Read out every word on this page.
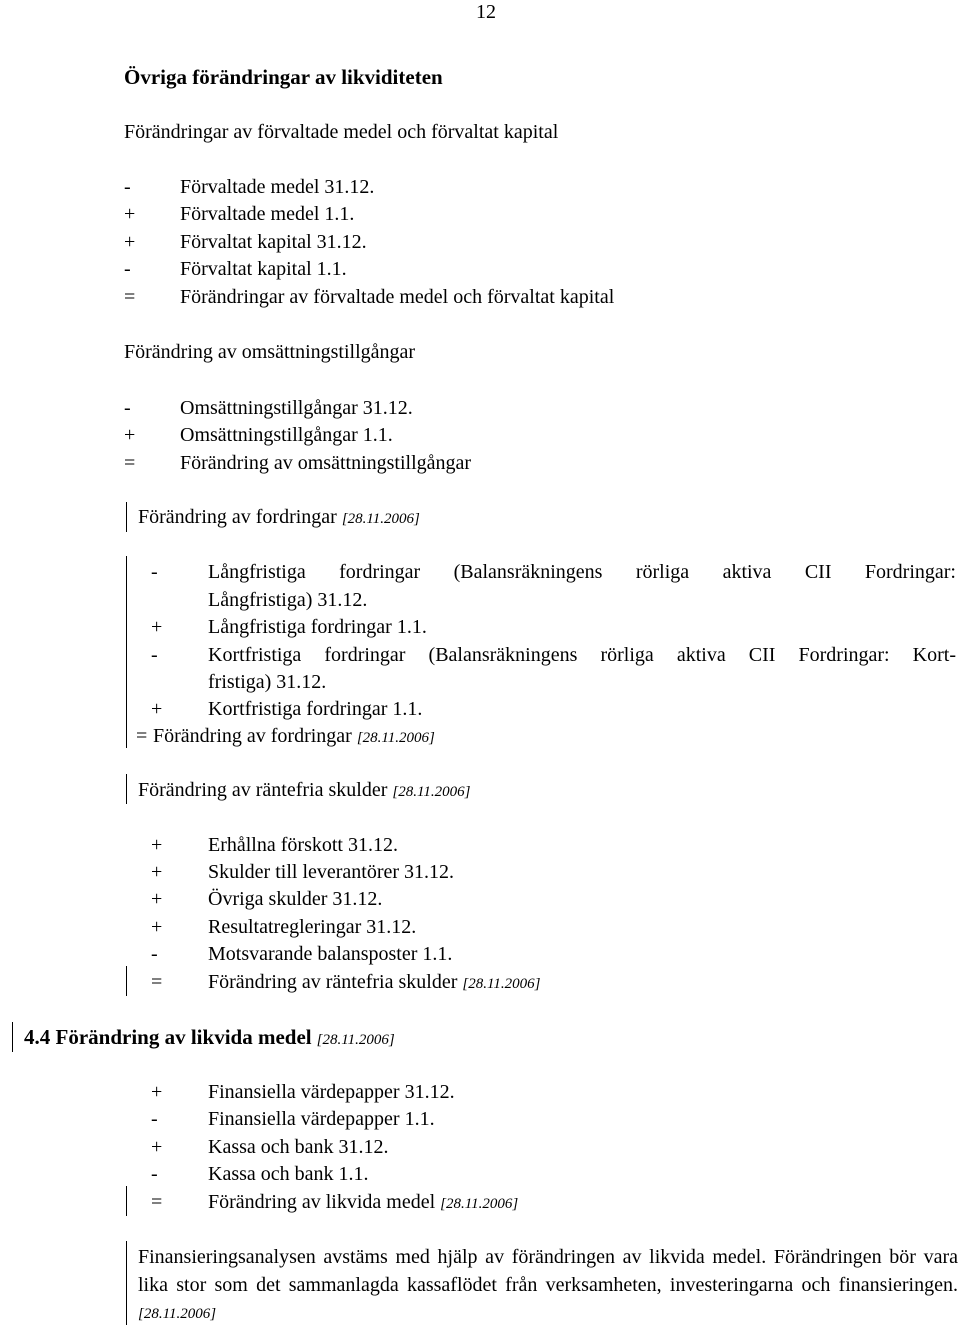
12
Övriga förändringar av likviditeten
Förändringar av förvaltade medel och förvaltat kapital
-	Förvaltade medel 31.12.
+	Förvaltade medel 1.1.
+	Förvaltat kapital 31.12.
-	Förvaltat kapital 1.1.
=	Förändringar av förvaltade medel och förvaltat kapital
Förändring av omsättningstillgångar
-	Omsättningstillgångar 31.12.
+	Omsättningstillgångar 1.1.
=	Förändring av omsättningstillgångar
Förändring av fordringar [28.11.2006]
-	Långfristiga fordringar (Balansräkningens rörliga aktiva CII Fordringar:
Långfristiga) 31.12.
+ Långfristiga fordringar 1.1.
-	Kortfristiga fordringar (Balansräkningens rörliga aktiva CII Fordringar: Kort-
fristiga) 31.12.
+ Kortfristiga fordringar 1.1.
= Förändring av fordringar [28.11.2006]
Förändring av räntefria skulder [28.11.2006]
+	Erhållna förskott 31.12.
+	Skulder till leverantörer 31.12.
+	Övriga skulder 31.12.
+	Resultatregleringar 31.12.
-	Motsvarande balansposter 1.1.
=	Förändring av räntefria skulder [28.11.2006]
4.4 Förändring av likvida medel [28.11.2006]
+	Finansiella värdepapper 31.12.
-	Finansiella värdepapper 1.1.
+	Kassa och bank 31.12.
-	Kassa och bank 1.1.
=	Förändring av likvida medel [28.11.2006]
Finansieringsanalysen avstäms med hjälp av förändringen av likvida medel. Förändringen bör vara lika stor som det sammanlagda kassaflödet från verksamheten, investeringarna och finansieringen. [28.11.2006]
